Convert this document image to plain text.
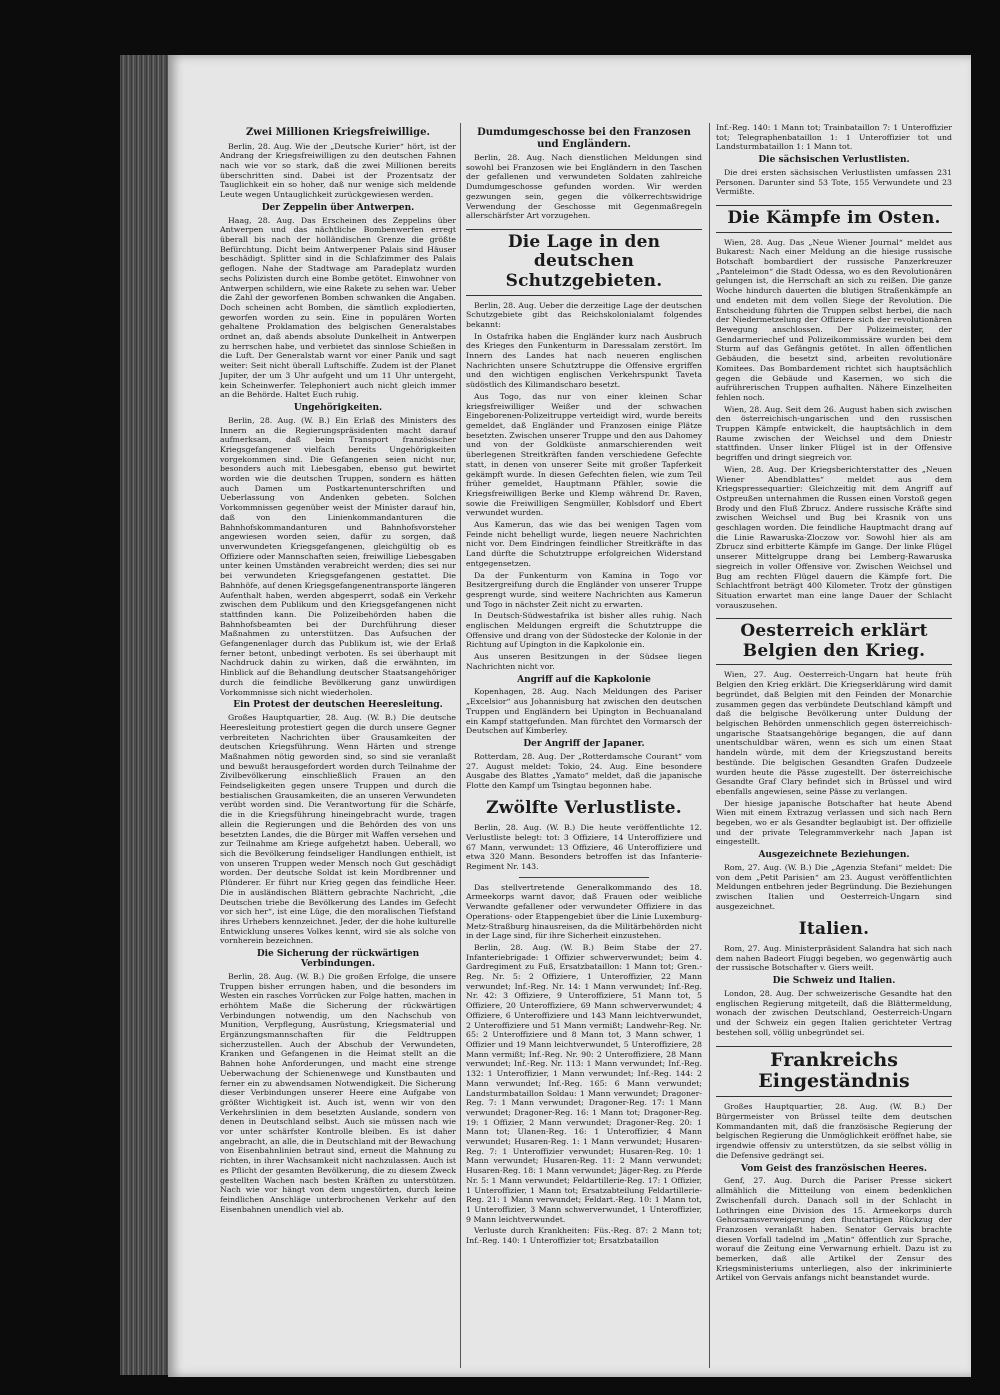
Zwei Millionen Kriegsfreiwillige.

Berlin, 28. Aug. Wie der „Deutsche Kurier“ hört, ist der Andrang der Kriegsfreiwilligen zu den deutschen Fahnen nach wie vor so stark, daß die zwei Millionen bereits überschritten sind. Dabei ist der Prozentsatz der Tauglichkeit ein so hoher, daß nur wenige sich meldende Leute wegen Untauglichkeit zurückgewiesen werden.

Der Zeppelin über Antwerpen.

Haag, 28. Aug. Das Erscheinen des Zeppelins über Antwerpen und das nächtliche Bombenwerfen erregt überall bis nach der holländischen Grenze die größte Befürchtung. Dicht beim Antwerpener Palais sind Häuser beschädigt. Splitter sind in die Schlafzimmer des Palais geflogen. Nahe der Stadtwage am Paradeplatz wurden sechs Polizisten durch eine Bombe getötet. Einwohner von Antwerpen schildern, wie eine Rakete zu sehen war. Ueber die Zahl der geworfenen Bomben schwanken die Angaben. Doch scheinen acht Bomben, die sämtlich explodierten, geworfen worden zu sein. Eine in populären Worten gehaltene Proklamation des belgischen Generalstabes ordnet an, daß abends absolute Dunkelheit in Antwerpen zu herrschen habe, und verbietet das sinnlose Schießen in die Luft. Der Generalstab warnt vor einer Panik und sagt weiter: Seit nicht überall Luftschiffe. Zudem ist der Planet Jupiter, der um 3 Uhr aufgeht und um 11 Uhr untergeht, kein Scheinwerfer. Telephoniert auch nicht gleich immer an die Behörde. Haltet Euch ruhig.

Ungehörigkeiten.

Berlin, 28. Aug. (W. B.) Ein Erlaß des Ministers des Innern an die Regierungspräsidenten macht darauf aufmerksam, daß beim Transport französischer Kriegsgefangener vielfach bereits Ungehörigkeiten vorgekommen sind. Die Gefangenen seien nicht nur, besonders auch mit Liebesgaben, ebenso gut bewirtet worden wie die deutschen Truppen, sondern es hätten auch Damen um Postkartenunterschriften und Ueberlassung von Andenken gebeten. Solchen Vorkommnissen gegenüber weist der Minister darauf hin, daß von den Linienkommandanturen die Bahnhofskommandanturen und Bahnhofsvorsteher angewiesen worden seien, dafür zu sorgen, daß unverwundeten Kriegsgefangenen, gleichgültig ob es Offiziere oder Mannschaften seien, freiwillige Liebesgaben unter keinen Umständen verabreicht werden; dies sei nur bei verwundeten Kriegsgefangenen gestattet. Die Bahnhöfe, auf denen Kriegsgefangenentransporte längeren Aufenthalt haben, werden abgesperrt, sodaß ein Verkehr zwischen dem Publikum und den Kriegsgefangenen nicht stattfinden kann. Die Polizeibehörden haben die Bahnhofsbeamten bei der Durchführung dieser Maßnahmen zu unterstützen. Das Aufsuchen der Gefangenenlager durch das Publikum ist, wie der Erlaß ferner betont, unbedingt verboten. Es sei überhaupt mit Nachdruck dahin zu wirken, daß die erwähnten, im Hinblick auf die Behandlung deutscher Staatsangehöriger durch die feindliche Bevölkerung ganz unwürdigen Vorkommnisse sich nicht wiederholen.

Ein Protest der deutschen Heeresleitung.

Großes Hauptquartier, 28. Aug. (W. B.) Die deutsche Heeresleitung protestiert gegen die durch unsere Gegner verbreiteten Nachrichten über Grausamkeiten der deutschen Kriegsführung. Wenn Härten und strenge Maßnahmen nötig geworden sind, so sind sie veranlaßt und bewußt herausgefordert worden durch Teilnahme der Zivilbevölkerung einschließlich Frauen an den Feindseligkeiten gegen unsere Truppen und durch die bestialischen Grausamkeiten, die an unseren Verwundeten verübt worden sind. Die Verantwortung für die Schärfe, die in die Kriegsführung hineingebracht wurde, tragen allein die Regierungen und die Behörden des von uns besetzten Landes, die die Bürger mit Waffen versehen und zur Teilnahme am Kriege aufgehetzt haben. Ueberall, wo sich die Bevölkerung feindseliger Handlungen enthielt, ist von unseren Truppen weder Mensch noch Gut geschädigt worden. Der deutsche Soldat ist kein Mordbrenner und Plünderer. Er führt nur Krieg gegen das feindliche Heer. Die in ausländischen Blättern gebrachte Nachricht, „die Deutschen triebe die Bevölkerung des Landes im Gefecht vor sich her“, ist eine Lüge, die den moralischen Tiefstand ihres Urhebers kennzeichnet. Jeder, der die hohe kulturelle Entwicklung unseres Volkes kennt, wird sie als solche von vornherein bezeichnen.

Die Sicherung der rückwärtigen Verbindungen.

Berlin, 28. Aug. (W. B.) Die großen Erfolge, die unsere Truppen bisher errungen haben, und die besonders im Westen ein rasches Vorrücken zur Folge hatten, machen in erhöhtem Maße die Sicherung der rückwärtigen Verbindungen notwendig, um den Nachschub von Munition, Verpflegung, Ausrüstung, Kriegsmaterial und Ergänzungsmannschaften für die Feldtruppen sicherzustellen. Auch der Abschub der Verwundeten, Kranken und Gefangenen in die Heimat stellt an die Bahnen hohe Anforderungen, und macht eine strenge Ueberwachung der Schienenwege und Kunstbauten und ferner ein zu abwendsamen Notwendigkeit. Die Sicherung dieser Verbindungen unserer Heere eine Aufgabe von größter Wichtigkeit ist. Auch ist, wenn wir von den Verkehrslinien in dem besetzten Auslande, sondern von denen in Deutschland selbst. Auch sie müssen nach wie vor unter schärfster Kontrolle bleiben. Es ist daher angebracht, an alle, die in Deutschland mit der Bewachung von Eisenbahnlinien betraut sind, erneut die Mahnung zu richten, in ihrer Wachsamkeit nicht nachzulassen. Auch ist es Pflicht der gesamten Bevölkerung, die zu diesem Zweck gestellten Wachen nach besten Kräften zu unterstützen. Nach wie vor hängt von dem ungestörten, durch keine feindlichen Anschläge unterbrochenen Verkehr auf den Eisenbahnen unendlich viel ab.

Dumdumgeschosse bei den Franzosen und Engländern.

Berlin, 28. Aug. Nach dienstlichen Meldungen sind sowohl bei Franzosen wie bei Engländern in den Taschen der gefallenen und verwundeten Soldaten zahlreiche Dumdumgeschosse gefunden worden. Wir werden gezwungen sein, gegen die völkerrechtswidrige Verwendung der Geschosse mit Gegenmaßregeln allerschärfster Art vorzugehen.

Die Lage in den deutschen Schutzgebieten.

Berlin, 28. Aug. Ueber die derzeitige Lage der deutschen Schutzgebiete gibt das Reichskolonialamt folgendes bekannt:

In Ostafrika haben die Engländer kurz nach Ausbruch des Krieges den Funkenturm in Daressalam zerstört. Im Innern des Landes hat nach neueren englischen Nachrichten unsere Schutztruppe die Offensive ergriffen und den wichtigen englischen Verkehrspunkt Taveta südöstlich des Kilimandscharo besetzt.

Aus Togo, das nur von einer kleinen Schar kriegsfreiwilliger Weißer und der schwachen Eingeborenen-Polizeitruppe verteidigt wird, wurde bereits gemeldet, daß Engländer und Franzosen einige Plätze besetzten. Zwischen unserer Truppe und den aus Dahomey und von der Goldküste anmarschierenden weit überlegenen Streitkräften fanden verschiedene Gefechte statt, in denen von unserer Seite mit großer Tapferkeit gekämpft wurde. In diesen Gefechten fielen, wie zum Teil früher gemeldet, Hauptmann Pfähler, sowie die Kriegsfreiwilligen Berke und Klemp während Dr. Raven, sowie die Freiwilligen Sengmüller, Koblsdorf und Ebert verwundet wurden.

Aus Kamerun, das wie das bei wenigen Tagen vom Feinde nicht behelligt wurde, liegen neuere Nachrichten nicht vor. Dem Eindringen feindlicher Streitkräfte in das Land dürfte die Schutztruppe erfolgreichen Widerstand entgegensetzen.

Da der Funkenturm von Kamina in Togo vor Besitzergreifung durch die Engländer von unserer Truppe gesprengt wurde, sind weitere Nachrichten aus Kamerun und Togo in nächster Zeit nicht zu erwarten.

In Deutsch-Südwestafrika ist bisher alles ruhig. Nach englischen Meldungen ergreift die Schutztruppe die Offensive und drang von der Südostecke der Kolonie in der Richtung auf Upington in die Kapkolonie ein.

Aus unseren Besitzungen in der Südsee liegen Nachrichten nicht vor.

Angriff auf die Kapkolonie

Kopenhagen, 28. Aug. Nach Meldungen des Pariser „Excelsior“ aus Johannisburg hat zwischen den deutschen Truppen und Engländern bei Upington in Bechuanaland ein Kampf stattgefunden. Man fürchtet den Vormarsch der Deutschen auf Kimberley.

Der Angriff der Japaner.

Rotterdam, 28. Aug. Der „Rotterdamsche Courant“ vom 27. August meldet: Tokio, 24. Aug. Eine besondere Ausgabe des Blattes „Yamato“ meldet, daß die japanische Flotte den Kampf um Tsingtau begonnen habe.

Zwölfte Verlustliste.

Berlin, 28. Aug. (W. B.) Die heute veröffentlichte 12. Verlustliste belegt: tot: 3 Offiziere, 14 Unteroffiziere und 67 Mann, verwundet: 13 Offiziere, 46 Unteroffiziere und etwa 320 Mann. Besonders betroffen ist das Infanterie-Regiment Nr. 143.

Das stellvertretende Generalkommando des 18. Armeekorps warnt davor, daß Frauen oder weibliche Verwandte gefallener oder verwundeter Offiziere in das Operations- oder Etappengebiet über die Linie Luxemburg-Metz-Straßburg hinausreisen, da die Militärbehörden nicht in der Lage sind, für ihre Sicherheit einzustehen.

Berlin, 28. Aug. (W. B.) Beim Stabe der 27. Infanteriebrigade: 1 Offizier schwerverwundet; beim 4. Gardregiment zu Fuß, Ersatzbataillon: 1 Mann tot; Gren.-Reg. Nr. 5: 2 Offiziere, 1 Unteroffizier, 22 Mann verwundet; Inf.-Reg. Nr. 14: 1 Mann verwundet; Inf.-Reg. Nr. 42: 3 Offiziere, 9 Unteroffiziere, 51 Mann tot, 5 Offiziere, 20 Unteroffiziere, 69 Mann schwerverwundet; 4 Offiziere, 6 Unteroffiziere und 143 Mann leichtverwundet, 2 Unteroffiziere und 51 Mann vermißt; Landwehr-Reg. Nr. 65: 2 Unteroffiziere und 8 Mann tot, 3 Mann schwer, 1 Offizier und 19 Mann leichtverwundet, 5 Unteroffiziere, 28 Mann vermißt; Inf.-Reg. Nr. 90: 2 Unteroffiziere, 28 Mann verwundet; Inf.-Reg. Nr. 113: 1 Mann verwundet; Inf.-Reg. 132: 1 Unteroffizier, 1 Mann verwundet; Inf.-Reg. 144: 2 Mann verwundet; Inf.-Reg. 165: 6 Mann verwundet; Landsturmbataillon Soldau: 1 Mann verwundet; Dragoner-Reg. 7: 1 Mann verwundet; Dragoner-Reg. 17: 1 Mann verwundet; Dragoner-Reg. 16: 1 Mann tot; Dragoner-Reg. 19: 1 Offizier, 2 Mann verwundet; Dragoner-Reg. 20: 1 Mann tot; Ulanen-Reg. 16: 1 Unteroffizier, 4 Mann verwundet; Husaren-Reg. 1: 1 Mann verwundet; Husaren-Reg. 7: 1 Unteroffizier verwundet; Husaren-Reg. 10: 1 Mann verwundet; Husaren-Reg. 11: 2 Mann verwundet; Husaren-Reg. 18: 1 Mann verwundet; Jäger-Reg. zu Pferde Nr. 5: 1 Mann verwundet; Feldartillerie-Reg. 17: 1 Offizier, 1 Unteroffizier, 1 Mann tot; Ersatzabteilung Feldartillerie-Reg. 21: 1 Mann verwundet; Feldart.-Reg. 10: 1 Mann tot, 1 Unteroffizier, 3 Mann schwerverwundet, 1 Unteroffizier, 9 Mann leichtverwundet.

Verluste durch Krankheiten: Füs.-Reg. 87: 2 Mann tot; Inf.-Reg. 140: 1 Unteroffizier tot; Ersatzbataillon

Inf.-Reg. 140: 1 Mann tot; Trainbataillon 7: 1 Unteroffizier tot; Telegraphenbataillon 1: 1 Unteroffizier tot und Landsturmbataillon 1: 1 Mann tot.

Die sächsischen Verlustlisten.

Die drei ersten sächsischen Verlustlisten umfassen 231 Personen. Darunter sind 53 Tote, 155 Verwundete und 23 Vermißte.

Die Kämpfe im Osten.

Wien, 28. Aug. Das „Neue Wiener Journal“ meldet aus Bukarest: Nach einer Meldung an die hiesige russische Botschaft bombardiert der russische Panzerkreuzer „Panteleimon“ die Stadt Odessa, wo es den Revolutionären gelungen ist, die Herrschaft an sich zu reißen. Die ganze Woche hindurch dauerten die blutigen Straßenkämpfe an und endeten mit dem vollen Siege der Revolution. Die Entscheidung führten die Truppen selbst herbei, die nach der Niedermetzelung der Offiziere sich der revolutionären Bewegung anschlossen. Der Polizeimeister, der Gendarmeriechef und Polizeikommissäre wurden bei dem Sturm auf das Gefängnis getötet. In allen öffentlichen Gebäuden, die besetzt sind, arbeiten revolutionäre Komitees. Das Bombardement richtet sich hauptsächlich gegen die Gebäude und Kasernen, wo sich die aufrührerischen Truppen aufhalten. Nähere Einzelheiten fehlen noch.

Wien, 28. Aug. Seit dem 26. August haben sich zwischen den österreichisch-ungarischen und den russischen Truppen Kämpfe entwickelt, die hauptsächlich in dem Raume zwischen der Weichsel und dem Dniestr stattfinden. Unser linker Flügel ist in der Offensive begriffen und dringt siegreich vor.

Wien, 28. Aug. Der Kriegsberichterstatter des „Neuen Wiener Abendblattes“ meldet aus dem Kriegspressequartier: Gleichzeitig mit dem Angriff auf Ostpreußen unternahmen die Russen einen Vorstoß gegen Brody und den Fluß Zbrucz. Andere russische Kräfte sind zwischen Weichsel und Bug bei Krasnik von uns geschlagen worden. Die feindliche Hauptmacht drang auf die Linie Rawaruska-Zloczow vor. Sowohl hier als am Zbrucz sind erbitterte Kämpfe im Gange. Der linke Flügel unserer Mittelgruppe drang bei Lemberg-Rawaruska siegreich in voller Offensive vor. Zwischen Weichsel und Bug am rechten Flügel dauern die Kämpfe fort. Die Schlachtfront beträgt 400 Kilometer. Trotz der günstigen Situation erwartet man eine lange Dauer der Schlacht vorauszusehen.

Oesterreich erklärt Belgien den Krieg.

Wien, 27. Aug. Oesterreich-Ungarn hat heute früh Belgien den Krieg erklärt. Die Kriegserklärung wird damit begründet, daß Belgien mit den Feinden der Monarchie zusammen gegen das verbündete Deutschland kämpft und daß die belgische Bevölkerung unter Duldung der belgischen Behörden unmenschlich gegen österreichisch-ungarische Staatsangehörige begangen, die auf dann unentschuldbar wären, wenn es sich um einen Staat handeln würde, mit dem der Kriegszustand bereits bestünde. Die belgischen Gesandten Grafen Dudzeele wurden heute die Pässe zugestellt. Der österreichische Gesandte Graf Clary befindet sich in Brüssel und wird ebenfalls angewiesen, seine Pässe zu verlangen.

Der hiesige japanische Botschafter hat heute Abend Wien mit einem Extrazug verlassen und sich nach Bern begeben, wo er als Gesandter beglaubigt ist. Der offizielle und der private Telegrammverkehr nach Japan ist eingestellt.

Ausgezeichnete Beziehungen.

Rom, 27. Aug. (W. B.) Die „Agenzia Stefani“ meldet: Die von dem „Petit Parisien“ am 23. August veröffentlichten Meldungen entbehren jeder Begründung. Die Beziehungen zwischen Italien und Oesterreich-Ungarn sind ausgezeichnet.

Italien.

Rom, 27. Aug. Ministerpräsident Salandra hat sich nach dem nahen Badeort Fiuggi begeben, wo gegenwärtig auch der russische Botschafter v. Giers weilt.

Die Schweiz und Italien.

London, 28. Aug. Der schweizerische Gesandte hat den englischen Regierung mitgeteilt, daß die Blättermeldung, wonach der zwischen Deutschland, Oesterreich-Ungarn und der Schweiz ein gegen Italien gerichteter Vertrag bestehen soll, völlig unbegründet sei.

Frankreichs Eingeständnis

Großes Hauptquartier, 28. Aug. (W. B.) Der Bürgermeister von Brüssel teilte dem deutschen Kommandanten mit, daß die französische Regierung der belgischen Regierung die Unmöglichkeit eröffnet habe, sie irgendwie offensiv zu unterstützen, da sie selbst völlig in die Defensive gedrängt sei.

Vom Geist des französischen Heeres.

Genf, 27. Aug. Durch die Pariser Presse sickert allmählich die Mitteilung von einem bedenklichen Zwischenfall durch. Danach soll in der Schlacht in Lothringen eine Division des 15. Armeekorps durch Gehorsamsverweigerung den fluchtartigen Rückzug der Franzosen veranlaßt haben. Senator Gervais brachte diesen Vorfall tadelnd im „Matin“ öffentlich zur Sprache, worauf die Zeitung eine Verwarnung erhielt. Dazu ist zu bemerken, daß alle Artikel der Zensur des Kriegsministeriums unterliegen, also der inkriminierte Artikel von Gervais anfangs nicht beanstandet wurde.
